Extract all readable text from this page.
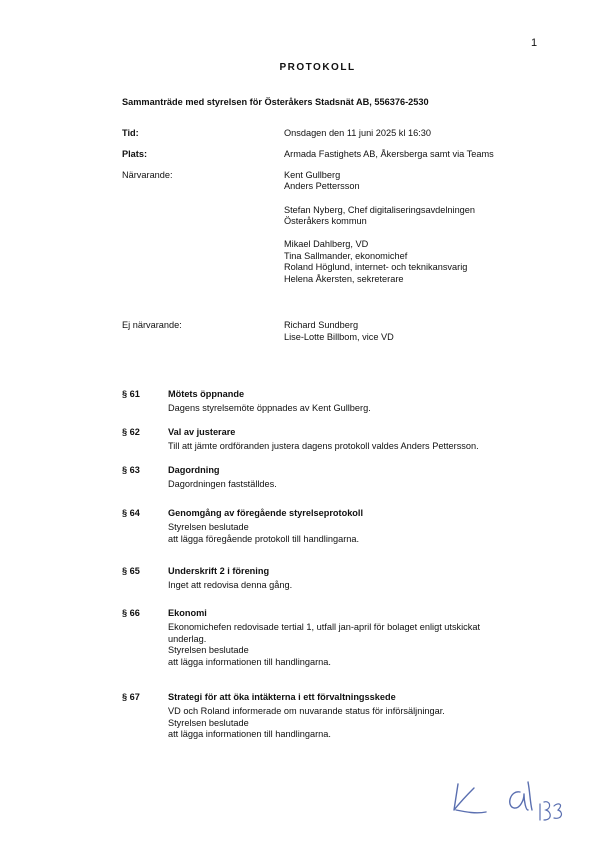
1
PROTOKOLL
Sammanträde med styrelsen för Österåkers Stadsnät AB, 556376-2530
Tid:	Onsdagen den 11 juni 2025 kl 16:30
Plats:	Armada Fastighets AB, Åkersberga samt via Teams
Närvarande:	Kent Gullberg
Anders Pettersson
Stefan Nyberg, Chef digitaliseringsavdelningen
Österåkers kommun
Mikael Dahlberg, VD
Tina Sallmander, ekonomichef
Roland Höglund, internet- och teknikansvarig
Helena Åkersten, sekreterare
Ej närvarande:	Richard Sundberg
Lise-Lotte Billbom, vice VD
§ 61	Mötets öppnande
Dagens styrelsemöte öppnades av Kent Gullberg.
§ 62	Val av justerare
Till att jämte ordföranden justera dagens protokoll valdes Anders Pettersson.
§ 63	Dagordning
Dagordningen fastställdes.
§ 64	Genomgång av föregående styrelseprotokoll
Styrelsen beslutade
att lägga föregående protokoll till handlingarna.
§ 65	Underskrift 2 i förening
Inget att redovisa denna gång.
§ 66	Ekonomi
Ekonomichefen redovisade tertial 1, utfall jan-april för bolaget enligt utskickat underlag.
Styrelsen beslutade
att lägga informationen till handlingarna.
§ 67	Strategi för att öka intäkterna i ett förvaltningsskede
VD och Roland informerade om nuvarande status för införsäljningar.
Styrelsen beslutade
att lägga informationen till handlingarna.
